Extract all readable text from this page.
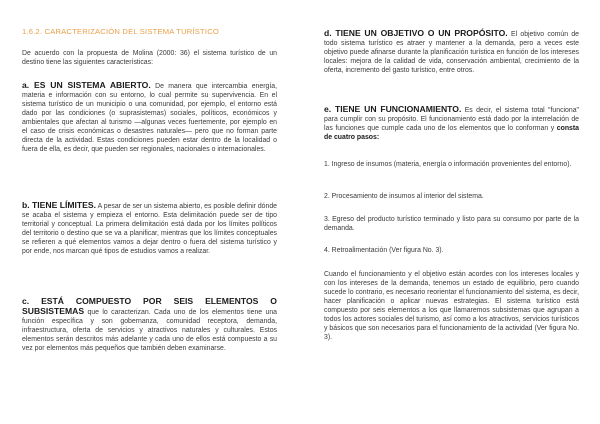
1.6.2. CARACTERIZACIÓN DEL SISTEMA TURÍSTICO

De acuerdo con la propuesta de Molina (2000: 36) el sistema turístico de un destino tiene las siguientes características:

a. ES UN SISTEMA ABIERTO. De manera que intercambia energía, materia e información con su entorno, lo cual permite su supervivencia. En el sistema turístico de un municipio o una comunidad, por ejemplo, el entorno está dado por las condiciones (o suprasistemas) sociales, políticos, económicos y ambientales que afectan al turismo —algunas veces fuertemente, por ejemplo en el caso de crisis económicas o desastres naturales— pero que no forman parte directa de la actividad. Estas condiciones pueden estar dentro de la localidad o fuera de ella, es decir, que pueden ser regionales, nacionales o internacionales.

b. TIENE LÍMITES. A pesar de ser un sistema abierto, es posible definir dónde se acaba el sistema y empieza el entorno. Esta delimitación puede ser de tipo territorial y conceptual. La primera delimitación está dada por los límites políticos del territorio o destino que se va a planificar, mientras que los límites conceptuales se refieren a qué elementos vamos a dejar dentro o fuera del sistema turístico y por ende, nos marcan qué tipos de estudios vamos a realizar.

c. ESTÁ COMPUESTO POR SEIS ELEMENTOS O SUBSISTEMAS que lo caracterizan. Cada uno de los elementos tiene una función específica y son gobernanza, comunidad receptora, demanda, infraestructura, oferta de servicios y atractivos naturales y culturales. Estos elementos serán descritos más adelante y cada uno de ellos está compuesto a su vez por elementos más pequeños que también deben examinarse.

d. TIENE UN OBJETIVO O UN PROPÓSITO. El objetivo común de todo sistema turístico es atraer y mantener a la demanda, pero a veces este objetivo puede afinarse durante la planificación turística en función de los intereses locales: mejora de la calidad de vida, conservación ambiental, crecimiento de la oferta, incremento del gasto turístico, entre otros.

e. TIENE UN FUNCIONAMIENTO. Es decir, el sistema total "funciona" para cumplir con su propósito. El funcionamiento está dado por la interrelación de las funciones que cumple cada uno de los elementos que lo conforman y consta de cuatro pasos:

1. Ingreso de insumos (materia, energía o información provenientes del entorno).

2. Procesamiento de insumos al interior del sistema.

3. Egreso del producto turístico terminado y listo para su consumo por parte de la demanda.

4. Retroalimentación (Ver figura No. 3).

Cuando el funcionamiento y el objetivo están acordes con los intereses locales y con los intereses de la demanda, tenemos un estado de equilibrio, pero cuando sucede lo contrario, es necesario reorientar el funcionamiento del sistema, es decir, hacer planificación o aplicar nuevas estrategias. El sistema turístico está compuesto por seis elementos a los que llamaremos subsistemas que agrupan a todos los actores sociales del turismo, así como a los atractivos, servicios turísticos y básicos que son necesarios para el funcionamiento de la actividad (Ver figura No. 3).
